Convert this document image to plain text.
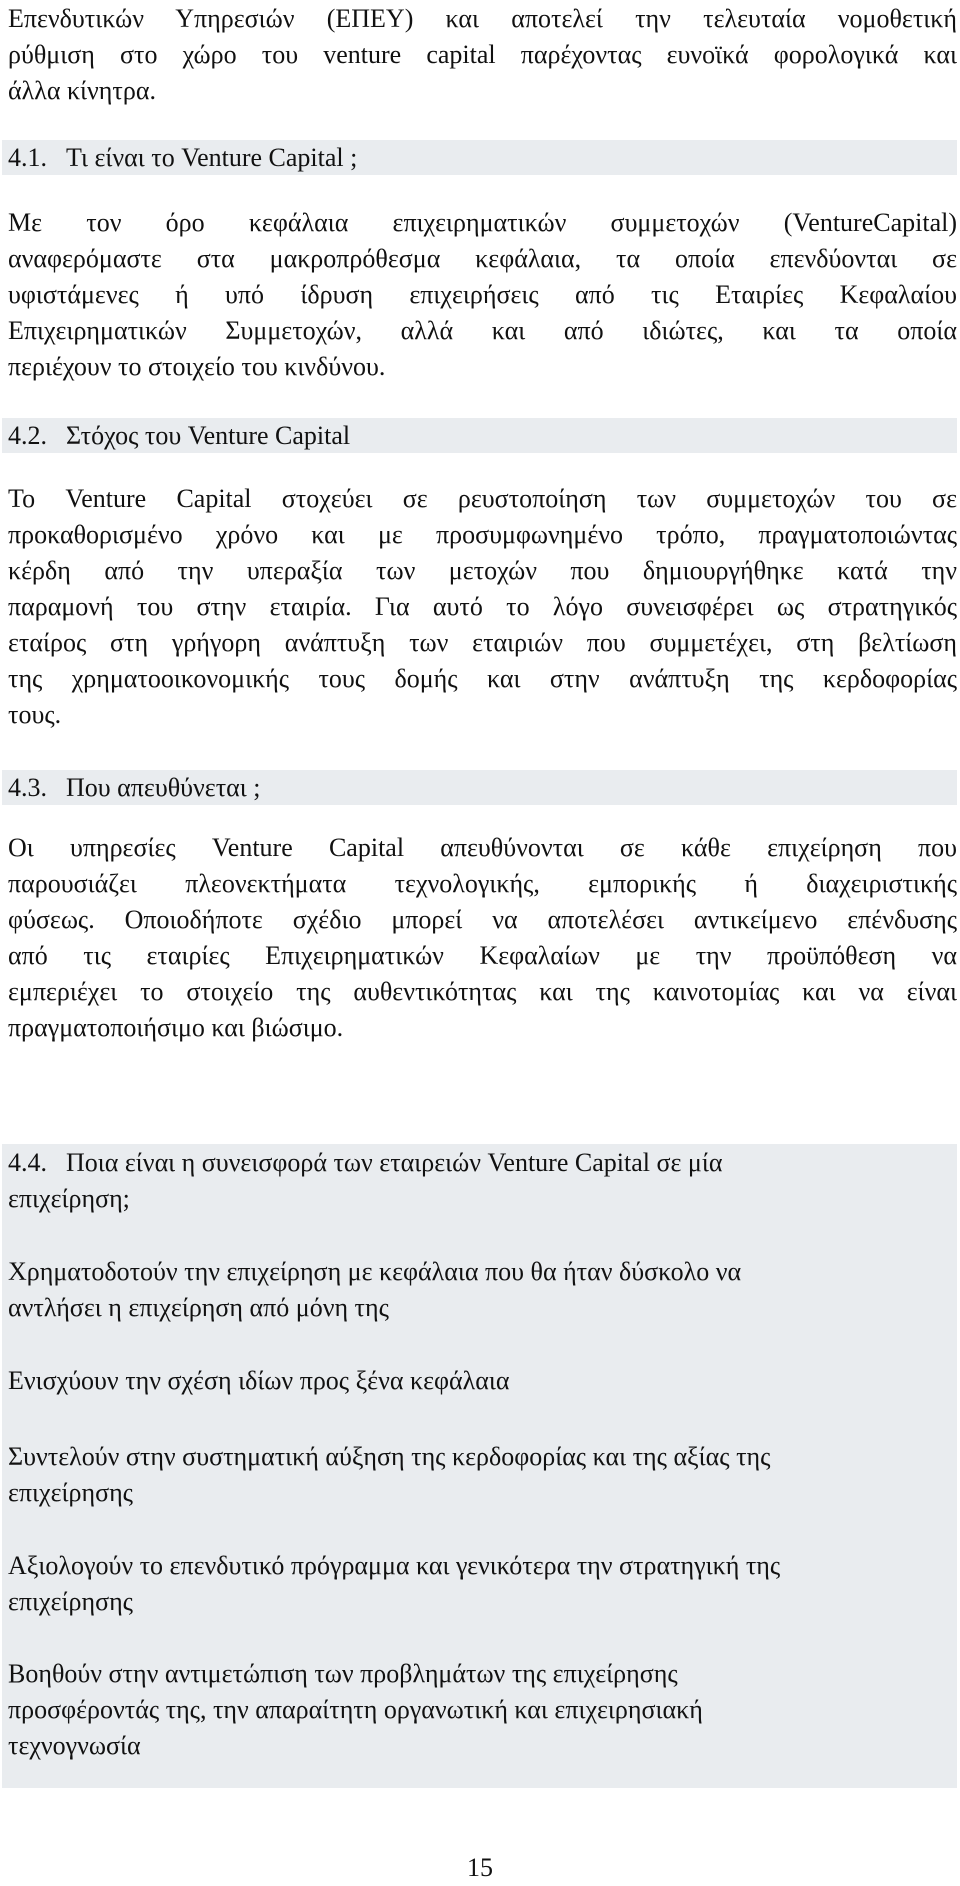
Επενδυτικών Υπηρεσιών (ΕΠΕΥ) και αποτελεί την τελευταία νομοθετική
ρύθμιση στο χώρο του venture capital παρέχοντας ευνοϊκά φορολογικά και
άλλα κίνητρα.
4.1. Τι είναι το Venture Capital ;
Με τον όρο κεφάλαια επιχειρηματικών συμμετοχών (VentureCapital)
αναφερόμαστε στα μακροπρόθεσμα κεφάλαια, τα οποία επενδύονται σε
υφιστάμενες ή υπό ίδρυση επιχειρήσεις από τις Εταιρίες Κεφαλαίου
Επιχειρηματικών Συμμετοχών, αλλά και από ιδιώτες, και τα οποία
περιέχουν το στοιχείο του κινδύνου.
4.2. Στόχος του Venture Capital
Το Venture Capital στοχεύει σε ρευστοποίηση των συμμετοχών του σε
προκαθορισμένο χρόνο και με προσυμφωνημένο τρόπο, πραγματοποιώντας
κέρδη από την υπεραξία των μετοχών που δημιουργήθηκε κατά την
παραμονή του στην εταιρία. Για αυτό το λόγο συνεισφέρει ως στρατηγικός
εταίρος στη γρήγορη ανάπτυξη των εταιριών που συμμετέχει, στη βελτίωση
της χρηματοοικονομικής τους δομής και στην ανάπτυξη της κερδοφορίας
τους.
4.3. Που απευθύνεται ;
Οι υπηρεσίες Venture Capital απευθύνονται σε κάθε επιχείρηση που
παρουσιάζει πλεονεκτήματα τεχνολογικής, εμπορικής ή διαχειριστικής
φύσεως. Οποιοδήποτε σχέδιο μπορεί να αποτελέσει αντικείμενο επένδυσης
από τις εταιρίες Επιχειρηματικών Κεφαλαίων με την προϋπόθεση να
εμπεριέχει το στοιχείο της αυθεντικότητας και της καινοτομίας και να είναι
πραγματοποιήσιμο και βιώσιμο.
4.4. Ποια είναι η συνεισφορά των εταιρειών Venture Capital σε μία
επιχείρηση;
Χρηματοδοτούν την επιχείρηση με κεφάλαια που θα ήταν δύσκολο να
αντλήσει η επιχείρηση από μόνη της
Ενισχύουν την σχέση ιδίων προς ξένα κεφάλαια
Συντελούν στην συστηματική αύξηση της κερδοφορίας και της αξίας της
επιχείρησης
Αξιολογούν το επενδυτικό πρόγραμμα και γενικότερα την στρατηγική της
επιχείρησης
Βοηθούν στην αντιμετώπιση των προβλημάτων της επιχείρησης
προσφέροντάς της, την απαραίτητη οργανωτική και επιχειρησιακή
τεχνογνωσία
15
